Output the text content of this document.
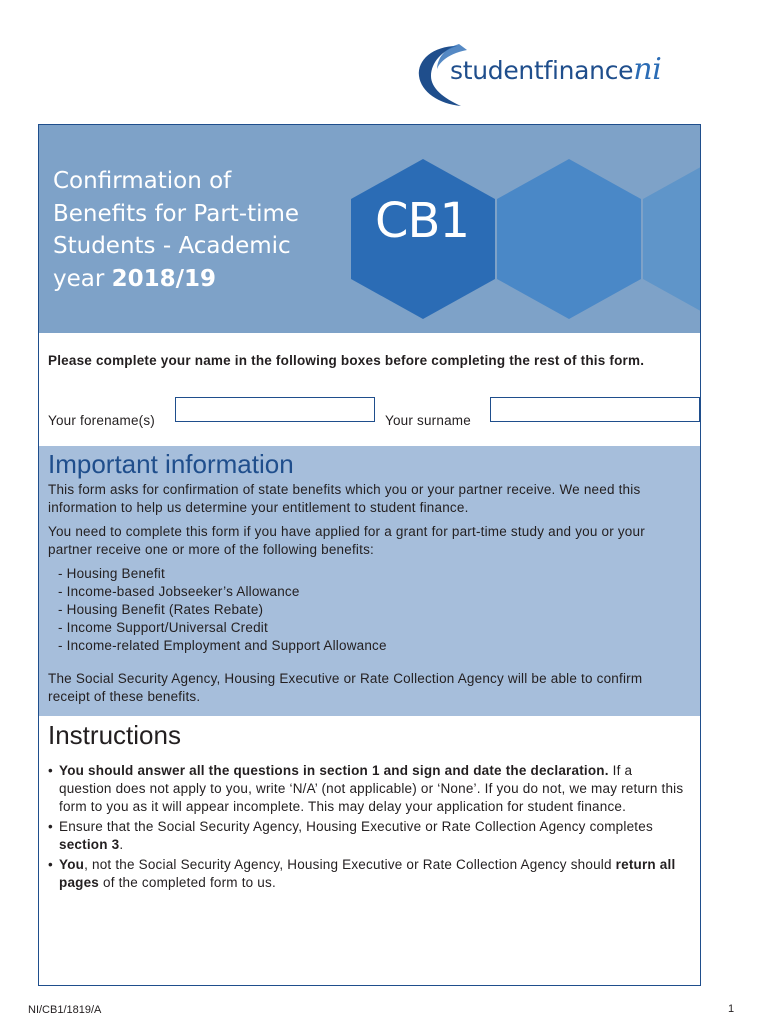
studentfinanceni
Confirmation of
Benefits for Part-time
Students - Academic
year 2018/19
CB1
Please complete your name in the following boxes before completing the rest of this form.
Your forename(s)	Your surname
Important information
This form asks for confirmation of state benefits which you or your partner receive. We need this information to help us determine your entitlement to student finance.
You need to complete this form if you have applied for a grant for part-time study and you or your partner receive one or more of the following benefits:
- Housing Benefit
- Income-based Jobseeker’s Allowance
- Housing Benefit (Rates Rebate)
- Income Support/Universal Credit
- Income-related Employment and Support Allowance
The Social Security Agency, Housing Executive or Rate Collection Agency will be able to confirm receipt of these benefits.
Instructions
• You should answer all the questions in section 1 and sign and date the declaration. If a question does not apply to you, write ‘N/A’ (not applicable) or ‘None’. If you do not, we may return this form to you as it will appear incomplete. This may delay your application for student finance.
• Ensure that the Social Security Agency, Housing Executive or Rate Collection Agency completes section 3.
• You, not the Social Security Agency, Housing Executive or Rate Collection Agency should return all pages of the completed form to us.
NI/CB1/1819/A	1
